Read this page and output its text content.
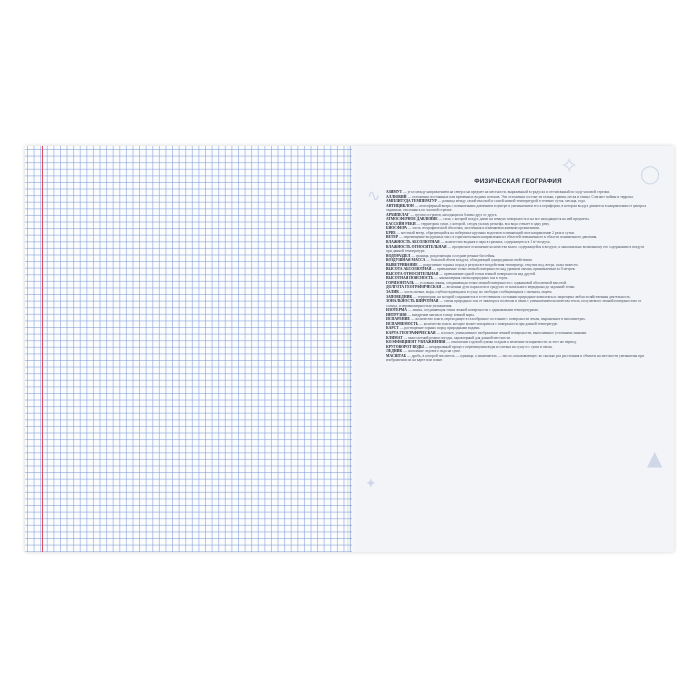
✧	◯
∿
▲
✦
ФИЗИЧЕСКАЯ ГЕОГРАФИЯ

АЗИМУТ — угол между направлением на север и на предмет на местности, выраженный в градусах и отсчитанный по ходу часовой стрелки.

АЛЛЮВИЙ — отложения постоянных или временных водных потоков. Эти отложения состоят из гальки, гравия, песка и глины. Слагают поймы и террасы.

АМПЛИТУДА ТЕМПЕРАТУР — разница между самой высокой и самой низкой температурой в течение суток, месяца, года.

АНТИЦИКЛОН — атмосферный вихрь с повышенным давлением в центре и уменьшением его к периферии, в котором воздух движется в направлении от центра к окраинам, отклоняясь по часовой стрелке.

АРХИПЕЛАГ — группа островов, находящихся близко друг от друга.

АТМОСФЕРНОЕ ДАВЛЕНИЕ — сила, с которой воздух давит на земную поверхность и на все находящиеся на ней предметы.

БАССЕЙН РЕКИ — территория суши, с которой, следуя уклону рельефа, вся вода стекает в одну реку.

БИОСФЕРА — часть географической оболочки, заселенная и изменяемая живыми организмами.

БРИЗ — местный ветер, образующийся на побережье крупных водоемов и меняющий свое направление 2 раза в сутки.

ВЕТЕР — перемещение воздушных масс в горизонтальном направлении из областей повышенного в области пониженного давления.

ВЛАЖНОСТЬ АБСОЛЮТНАЯ — количество водяного пара в граммах, содержащееся в 1 м³ воздуха.

ВЛАЖНОСТЬ ОТНОСИТЕЛЬНАЯ — процентное отношение количества влаги, содержащейся в воздухе, к максимально возможному его содержанию в воздухе при данной температуре.

ВОДОРАЗДЕЛ — граница, разделяющая соседние речные бассейны.

ВОЗДУШНАЯ МАССА — большой объем воздуха, обладающий однородными свойствами.

ВЫВЕТРИВАНИЕ — разрушение горных пород в результате воздействия температур, текучих вод, ветра, силы тяжести.

ВЫСОТА АБСОЛЮТНАЯ — превышение точки земной поверхности над уровнем океана, принимаемым за 0 метров.

ВЫСОТА ОТНОСИТЕЛЬНАЯ — превышение одной точки земной поверхности над другой.

ВЫСОТНАЯ ПОЯСНОСТЬ — закономерная смена природных зон в горах.

ГОРИЗОНТАЛЬ — условная линия, соединяющая точки земной поверхности с одинаковой абсолютной высотой.

ДОЛГОТА ГЕОГРАФИЧЕСКАЯ — величина дуги параллели в градусах от начального меридиана до заданной точки.

ЗАЛИВ — часть океана, моря, глубоко вдающаяся в сушу, но свободно сообщающаяся с океаном, морем.

ЗАПОВЕДНИК — территория, на которой сохраняются в естественном состоянии природные комплексы и запрещена любая хозяйственная деятельность.

ЗОНАЛЬНОСТЬ ШИРОТНАЯ — смена природных зон от экватора к полюсам в связи с уменьшением количества тепла, получаемого земной поверхностью от солнца, и неравномерностью увлажнения.

ИЗОТЕРМА — линия, соединяющая точки земной поверхности с одинаковыми температурами.

ИНТРУЗИЯ — внедрение магмы в толщу земной коры.

ИСПАРЕНИЕ — количество влаги, переходящее в газообразное состояние с поверхности земли, выраженное в миллиметрах.

ИСПАРЯЕМОСТЬ — количество влаги, которое может испариться с поверхности при данной температуре.

КАРСТ — растворение горных пород природными водами.

КАРТА ГЕОГРАФИЧЕСКАЯ — плоское, уменьшенное изображение земной поверхности, выполненное условными знаками.

КЛИМАТ — многолетний режим погоды, характерный для данной местности.

КОЭФФИЦИЕНТ УВЛАЖНЕНИЯ — отношение годовой суммы осадков к величине испаряемости за этот же период.

КРУГОВОРОТ ВОДЫ — непрерывный процесс перемещения воды из океана на сушу и с суши в океан.

ЛЕДНИК — скопление ледового льда на суше.

МАСШТАБ — дробь, в которой числитель — единица, а знаменатель — число, показывающее, во сколько раз расстояния и объекты на местности уменьшены при изображении их на карте или плане.
